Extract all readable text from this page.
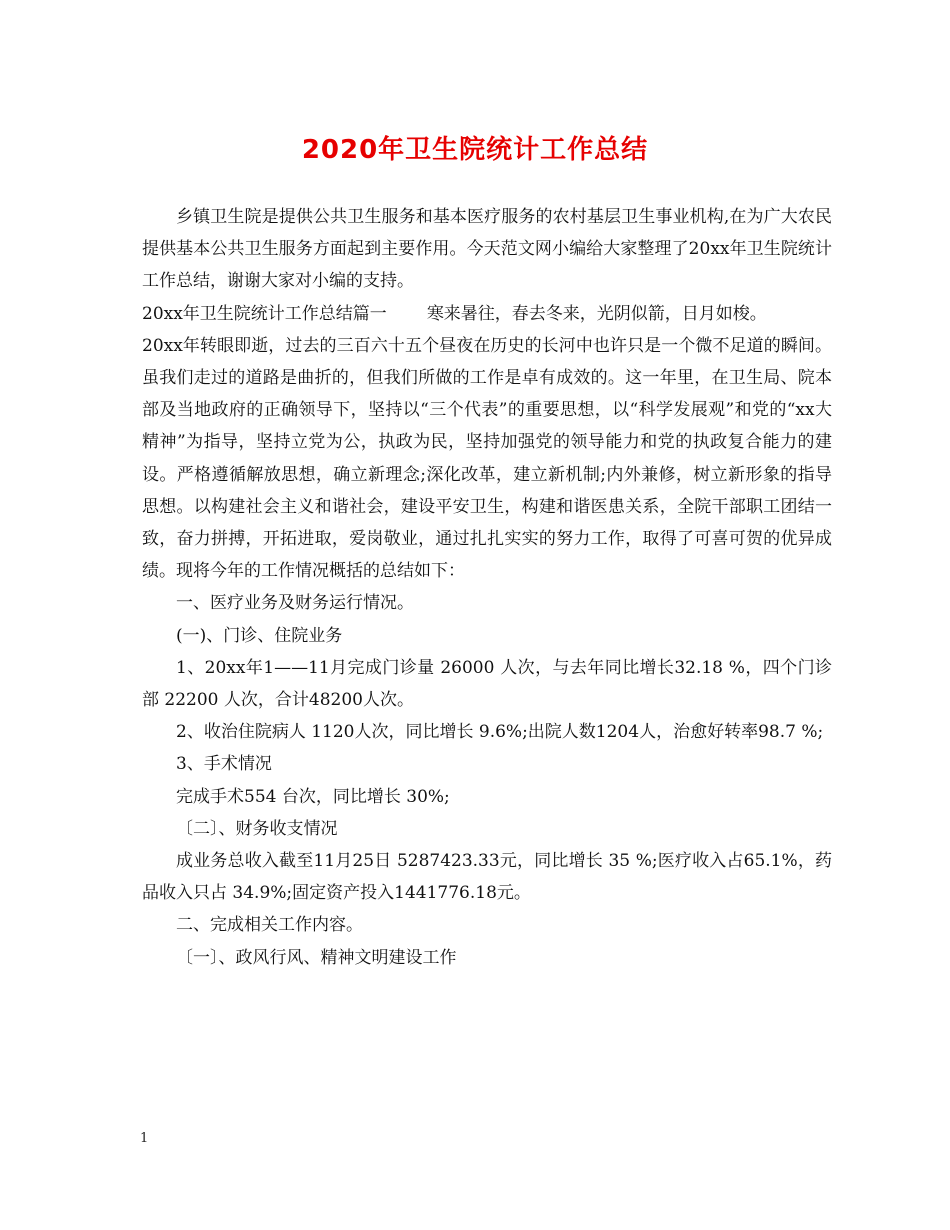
2020年卫生院统计工作总结

乡镇卫生院是提供公共卫生服务和基本医疗服务的农村基层卫生事业机构,在为广大农民提供基本公共卫生服务方面起到主要作用。今天范文网小编给大家整理了20xx年卫生院统计工作总结，谢谢大家对小编的支持。

20xx年卫生院统计工作总结篇一 寒来暑往，春去冬来，光阴似箭，日月如梭。

20xx年转眼即逝，过去的三百六十五个昼夜在历史的长河中也许只是一个微不足道的瞬间。虽我们走过的道路是曲折的，但我们所做的工作是卓有成效的。这一年里，在卫生局、院本部及当地政府的正确领导下，坚持以“三个代表”的重要思想，以“科学发展观”和党的“xx大精神”为指导，坚持立党为公，执政为民，坚持加强党的领导能力和党的执政复合能力的建设。严格遵循解放思想，确立新理念;深化改革，建立新机制;内外兼修，树立新形象的指导思想。以构建社会主义和谐社会，建设平安卫生，构建和谐医患关系，全院干部职工团结一致，奋力拼搏，开拓进取，爱岗敬业，通过扎扎实实的努力工作，取得了可喜可贺的优异成绩。现将今年的工作情况概括的总结如下：

一、医疗业务及财务运行情况。

(一)、门诊、住院业务

1、20xx年1——11月完成门诊量 26000 人次，与去年同比增长32.18 %，四个门诊部 22200 人次，合计48200人次。

2、收治住院病人 1120人次，同比增长 9.6%;出院人数1204人，治愈好转率98.7 %;

3、手术情况

完成手术554 台次，同比增长 30%;

〔二〕、财务收支情况

成业务总收入截至11月25日 5287423.33元，同比增长 35 %;医疗收入占65.1%，药品收入只占 34.9%;固定资产投入1441776.18元。

二、完成相关工作内容。

〔一〕、政风行风、精神文明建设工作

1
